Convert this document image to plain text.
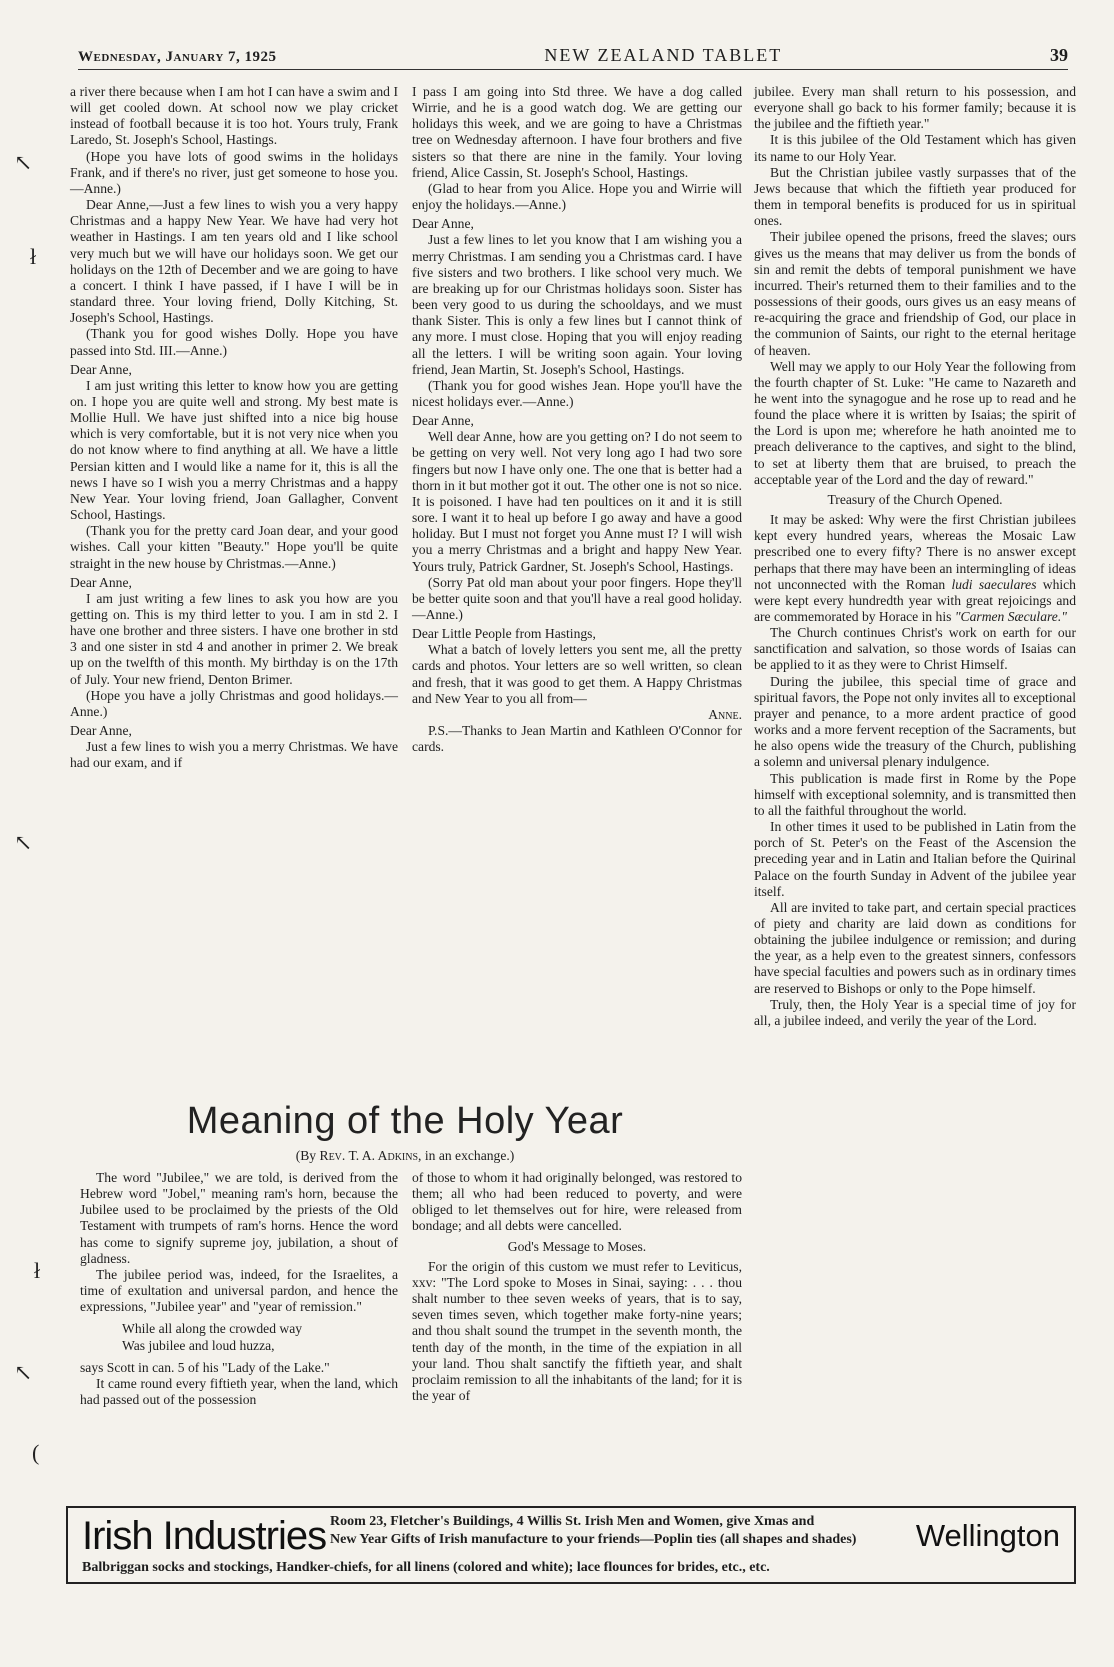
Wednesday, January 7, 1925	NEW ZEALAND TABLET	39

a river there because when I am hot I can have a swim and I will get cooled down. At school now we play cricket instead of football because it is too hot. Yours truly, Frank Laredo, St. Joseph's School, Hastings.

(Hope you have lots of good swims in the holidays Frank, and if there's no river, just get someone to hose you.—Anne.)

Dear Anne,—Just a few lines to wish you a very happy Christmas and a happy New Year. We have had very hot weather in Hastings. I am ten years old and I like school very much but we will have our holidays soon. We get our holidays on the 12th of December and we are going to have a concert. I think I have passed, if I have I will be in standard three. Your loving friend, Dolly Kitching, St. Joseph's School, Hastings.

(Thank you for good wishes Dolly. Hope you have passed into Std. III.—Anne.)

Dear Anne,

I am just writing this letter to know how you are getting on. I hope you are quite well and strong. My best mate is Mollie Hull. We have just shifted into a nice big house which is very comfortable, but it is not very nice when you do not know where to find anything at all. We have a little Persian kitten and I would like a name for it, this is all the news I have so I wish you a merry Christmas and a happy New Year. Your loving friend, Joan Gallagher, Convent School, Hastings.

(Thank you for the pretty card Joan dear, and your good wishes. Call your kitten "Beauty." Hope you'll be quite straight in the new house by Christmas.—Anne.)

Dear Anne,

I am just writing a few lines to ask you how are you getting on. This is my third letter to you. I am in std 2. I have one brother and three sisters. I have one brother in std 3 and one sister in std 4 and another in primer 2. We break up on the twelfth of this month. My birthday is on the 17th of July. Your new friend, Denton Brimer.

(Hope you have a jolly Christmas and good holidays.—Anne.)

Dear Anne,

Just a few lines to wish you a merry Christmas. We have had our exam, and if

I pass I am going into Std three. We have a dog called Wirrie, and he is a good watch dog. We are getting our holidays this week, and we are going to have a Christmas tree on Wednesday afternoon. I have four brothers and five sisters so that there are nine in the family. Your loving friend, Alice Cassin, St. Joseph's School, Hastings.

(Glad to hear from you Alice. Hope you and Wirrie will enjoy the holidays.—Anne.)

Dear Anne,

Just a few lines to let you know that I am wishing you a merry Christmas. I am sending you a Christmas card. I have five sisters and two brothers. I like school very much. We are breaking up for our Christmas holidays soon. Sister has been very good to us during the schooldays, and we must thank Sister. This is only a few lines but I cannot think of any more. I must close. Hoping that you will enjoy reading all the letters. I will be writing soon again. Your loving friend, Jean Martin, St. Joseph's School, Hastings.

(Thank you for good wishes Jean. Hope you'll have the nicest holidays ever.—Anne.)

Dear Anne,

Well dear Anne, how are you getting on? I do not seem to be getting on very well. Not very long ago I had two sore fingers but now I have only one. The one that is better had a thorn in it but mother got it out. The other one is not so nice. It is poisoned. I have had ten poultices on it and it is still sore. I want it to heal up before I go away and have a good holiday. But I must not forget you Anne must I? I will wish you a merry Christmas and a bright and happy New Year. Yours truly, Patrick Gardner, St. Joseph's School, Hastings.

(Sorry Pat old man about your poor fingers. Hope they'll be better quite soon and that you'll have a real good holiday.—Anne.)

Dear Little People from Hastings,

What a batch of lovely letters you sent me, all the pretty cards and photos. Your letters are so well written, so clean and fresh, that it was good to get them. A Happy Christmas and New Year to you all from—

Anne.

P.S.—Thanks to Jean Martin and Kathleen O'Connor for cards.

jubilee. Every man shall return to his possession, and everyone shall go back to his former family; because it is the jubilee and the fiftieth year."

It is this jubilee of the Old Testament which has given its name to our Holy Year.

But the Christian jubilee vastly surpasses that of the Jews because that which the fiftieth year produced for them in temporal benefits is produced for us in spiritual ones.

Their jubilee opened the prisons, freed the slaves; ours gives us the means that may deliver us from the bonds of sin and remit the debts of temporal punishment we have incurred. Their's returned them to their families and to the possessions of their goods, ours gives us an easy means of re-acquiring the grace and friendship of God, our place in the communion of Saints, our right to the eternal heritage of heaven.

Well may we apply to our Holy Year the following from the fourth chapter of St. Luke: "He came to Nazareth and he went into the synagogue and he rose up to read and he found the place where it is written by Isaias; the spirit of the Lord is upon me; wherefore he hath anointed me to preach deliverance to the captives, and sight to the blind, to set at liberty them that are bruised, to preach the acceptable year of the Lord and the day of reward."

Treasury of the Church Opened.

It may be asked: Why were the first Christian jubilees kept every hundred years, whereas the Mosaic Law prescribed one to every fifty? There is no answer except perhaps that there may have been an intermingling of ideas not unconnected with the Roman ludi saeculares which were kept every hundredth year with great rejoicings and are commemorated by Horace in his "Carmen Sæculare."

The Church continues Christ's work on earth for our sanctification and salvation, so those words of Isaias can be applied to it as they were to Christ Himself.

During the jubilee, this special time of grace and spiritual favors, the Pope not only invites all to exceptional prayer and penance, to a more ardent practice of good works and a more fervent reception of the Sacraments, but he also opens wide the treasury of the Church, publishing a solemn and universal plenary indulgence.

This publication is made first in Rome by the Pope himself with exceptional solemnity, and is transmitted then to all the faithful throughout the world.

In other times it used to be published in Latin from the porch of St. Peter's on the Feast of the Ascension the preceding year and in Latin and Italian before the Quirinal Palace on the fourth Sunday in Advent of the jubilee year itself.

All are invited to take part, and certain special practices of piety and charity are laid down as conditions for obtaining the jubilee indulgence or remission; and during the year, as a help even to the greatest sinners, confessors have special faculties and powers such as in ordinary times are reserved to Bishops or only to the Pope himself.

Truly, then, the Holy Year is a special time of joy for all, a jubilee indeed, and verily the year of the Lord.

Meaning of the Holy Year
(By Rev. T. A. Adkins, in an exchange.)

The word "Jubilee," we are told, is derived from the Hebrew word "Jobel," meaning ram's horn, because the Jubilee used to be proclaimed by the priests of the Old Testament with trumpets of ram's horns. Hence the word has come to signify supreme joy, jubilation, a shout of gladness.

The jubilee period was, indeed, for the Israelites, a time of exultation and universal pardon, and hence the expressions, "Jubilee year" and "year of remission."

While all along the crowded way

Was jubilee and loud huzza,

says Scott in can. 5 of his "Lady of the Lake."

It came round every fiftieth year, when the land, which had passed out of the possession

of those to whom it had originally belonged, was restored to them; all who had been reduced to poverty, and were obliged to let themselves out for hire, were released from bondage; and all debts were cancelled.

God's Message to Moses.

For the origin of this custom we must refer to Leviticus, xxv: "The Lord spoke to Moses in Sinai, saying: . . . thou shalt number to thee seven weeks of years, that is to say, seven times seven, which together make forty-nine years; and thou shalt sound the trumpet in the seventh month, the tenth day of the month, in the time of the expiation in all your land. Thou shalt sanctify the fiftieth year, and shalt proclaim remission to all the inhabitants of the land; for it is the year of

Irish Industries Room 23, Fletcher's Buildings, 4 Willis St. Irish Men and Women, give Xmas and
New Year Gifts of Irish manufacture to your friends—Poplin ties (all shapes and shades)
Balbriggan socks and stockings, Handker-chiefs, for all linens (colored and white); lace flounces for brides, etc., etc.
Wellington
↖
ł
↖
ł
↖
(
